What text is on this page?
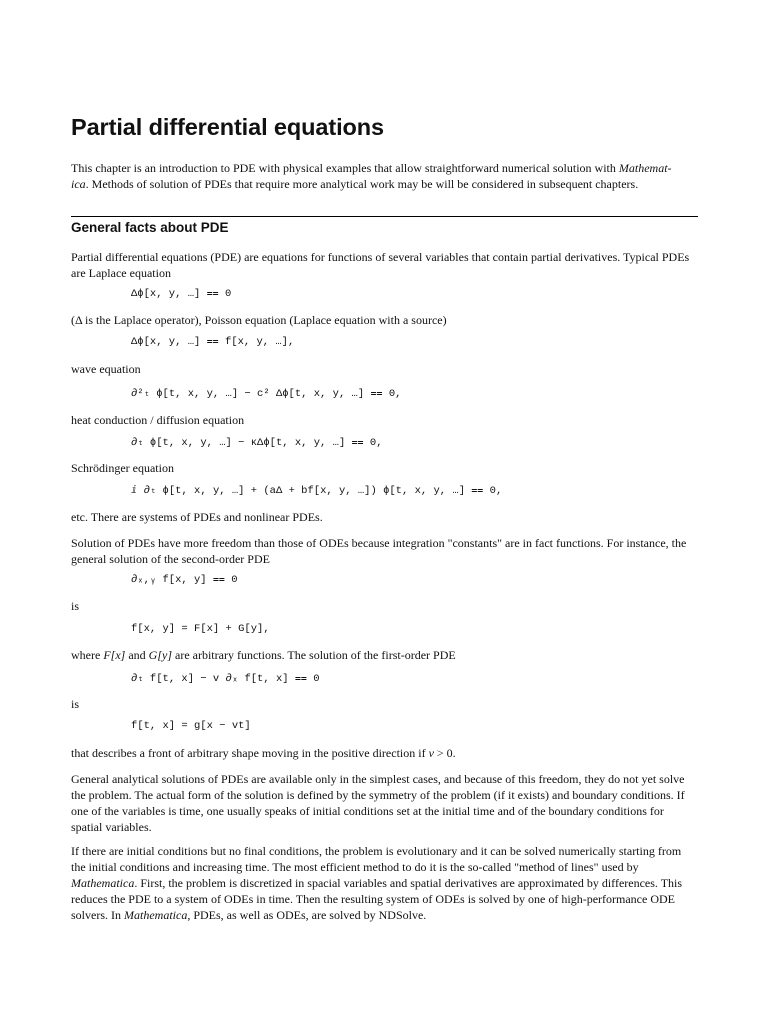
Partial differential equations

This chapter is an introduction to PDE with physical examples that allow straightforward numerical solution with Mathemat-
ica. Methods of solution of PDEs that require more analytical work may be will be considered in subsequent chapters.

General facts about PDE

Partial differential equations (PDE) are equations for functions of several variables that contain partial derivatives. Typical PDEs are Laplace equation

Δϕ[x, y, …] ⩵ 0

(Δ is the Laplace operator), Poisson equation (Laplace equation with a source)

Δϕ[x, y, …] ⩵ f[x, y, …],

wave equation

∂²ₜ ϕ[t, x, y, …] − c² Δϕ[t, x, y, …] ⩵ 0,

heat conduction / diffusion equation

∂ₜ ϕ[t, x, y, …] − κΔϕ[t, x, y, …] ⩵ 0,

Schrödinger equation

ⅈ ∂ₜ ϕ[t, x, y, …] + (aΔ + bf[x, y, …]) ϕ[t, x, y, …] ⩵ 0,

etc. There are systems of PDEs and nonlinear PDEs.

Solution of PDEs have more freedom than those of ODEs because integration "constants" are in fact functions. For instance, the general solution of the second-order PDE

∂ₓ,ᵧ f[x, y] ⩵ 0

is

f[x, y] = F[x] + G[y],

where F[x] and G[y] are arbitrary functions. The solution of the first-order PDE

∂ₜ f[t, x] − v ∂ₓ f[t, x] ⩵ 0

is

f[t, x] = g[x − vt]

that describes a front of arbitrary shape moving in the positive direction if v > 0.

General analytical solutions of PDEs are available only in the simplest cases, and because of this freedom, they do not yet solve the problem. The actual form of the solution is defined by the symmetry of the problem (if it exists) and boundary conditions. If one of the variables is time, one usually speaks of initial conditions set at the initial time and of the boundary conditions for spatial variables.

If there are initial conditions but no final conditions, the problem is evolutionary and it can be solved numerically starting from the initial conditions and increasing time. The most efficient method to do it is the so-called "method of lines" used by Mathematica. First, the problem is discretized in spacial variables and spatial derivatives are approximated by differences. This reduces the PDE to a system of ODEs in time. Then the resulting system of ODEs is solved by one of high-performance ODE solvers. In Mathematica, PDEs, as well as ODEs, are solved by NDSolve.
